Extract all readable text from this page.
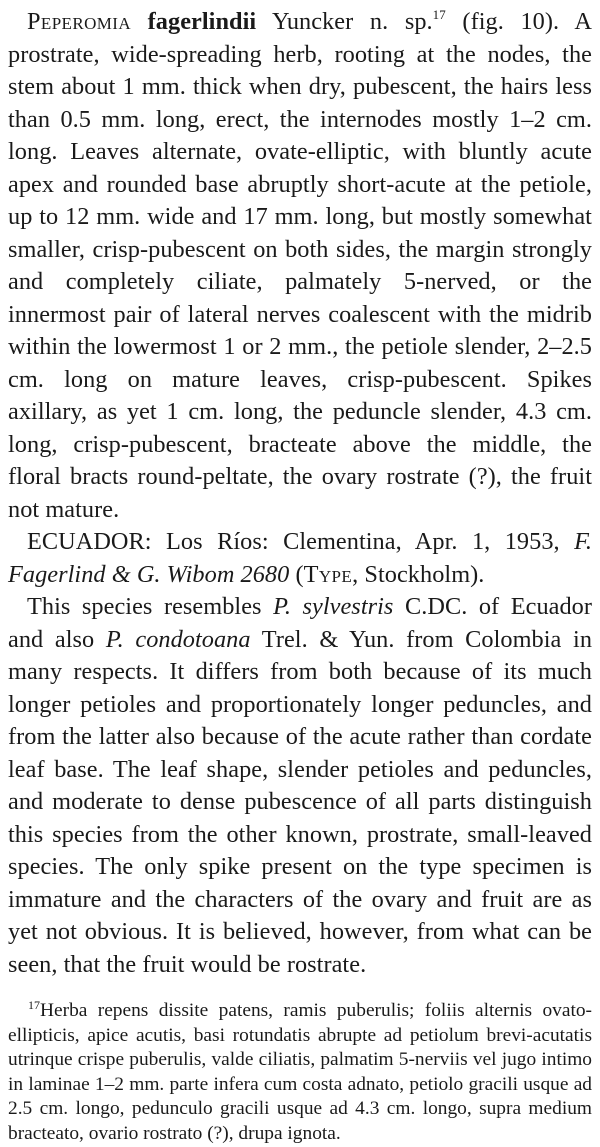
Peperomia fagerlindii Yuncker n. sp.$^{17}$ (fig. 10). A prostrate, wide-spreading herb, rooting at the nodes, the stem about 1 mm. thick when dry, pubescent, the hairs less than 0.5 mm. long, erect, the internodes mostly 1–2 cm. long. Leaves alternate, ovate-elliptic, with bluntly acute apex and rounded base abruptly short-acute at the petiole, up to 12 mm. wide and 17 mm. long, but mostly somewhat smaller, crisp-pubescent on both sides, the margin strongly and completely ciliate, palmately 5-nerved, or the innermost pair of lateral nerves coalescent with the midrib within the lowermost 1 or 2 mm., the petiole slender, 2–2.5 cm. long on mature leaves, crisp-pubescent. Spikes axillary, as yet 1 cm. long, the peduncle slender, 4.3 cm. long, crisp-pubescent, bracteate above the middle, the floral bracts round-peltate, the ovary rostrate (?), the fruit not mature.

ECUADOR: Los Ríos: Clementina, Apr. 1, 1953, F. Fagerlind & G. Wibom 2680 (Type, Stockholm).

This species resembles P. sylvestris C.DC. of Ecuador and also P. condotoana Trel. & Yun. from Colombia in many respects. It differs from both because of its much longer petioles and proportionately longer peduncles, and from the latter also because of the acute rather than cordate leaf base. The leaf shape, slender petioles and peduncles, and moderate to dense pubescence of all parts distinguish this species from the other known, prostrate, small-leaved species. The only spike present on the type specimen is immature and the characters of the ovary and fruit are as yet not obvious. It is believed, however, from what can be seen, that the fruit would be rostrate.

$^{17}$Herba repens dissite patens, ramis puberulis; foliis alternis ovato-ellipticis, apice acutis, basi rotundatis abrupte ad petiolum brevi-acutatis utrinque crispe puberulis, valde ciliatis, palmatim 5-nerviis vel jugo intimo in laminae 1–2 mm. parte infera cum costa adnato, petiolo gracili usque ad 2.5 cm. longo, pedunculo gracili usque ad 4.3 cm. longo, supra medium bracteato, ovario rostrato (?), drupa ignota.
